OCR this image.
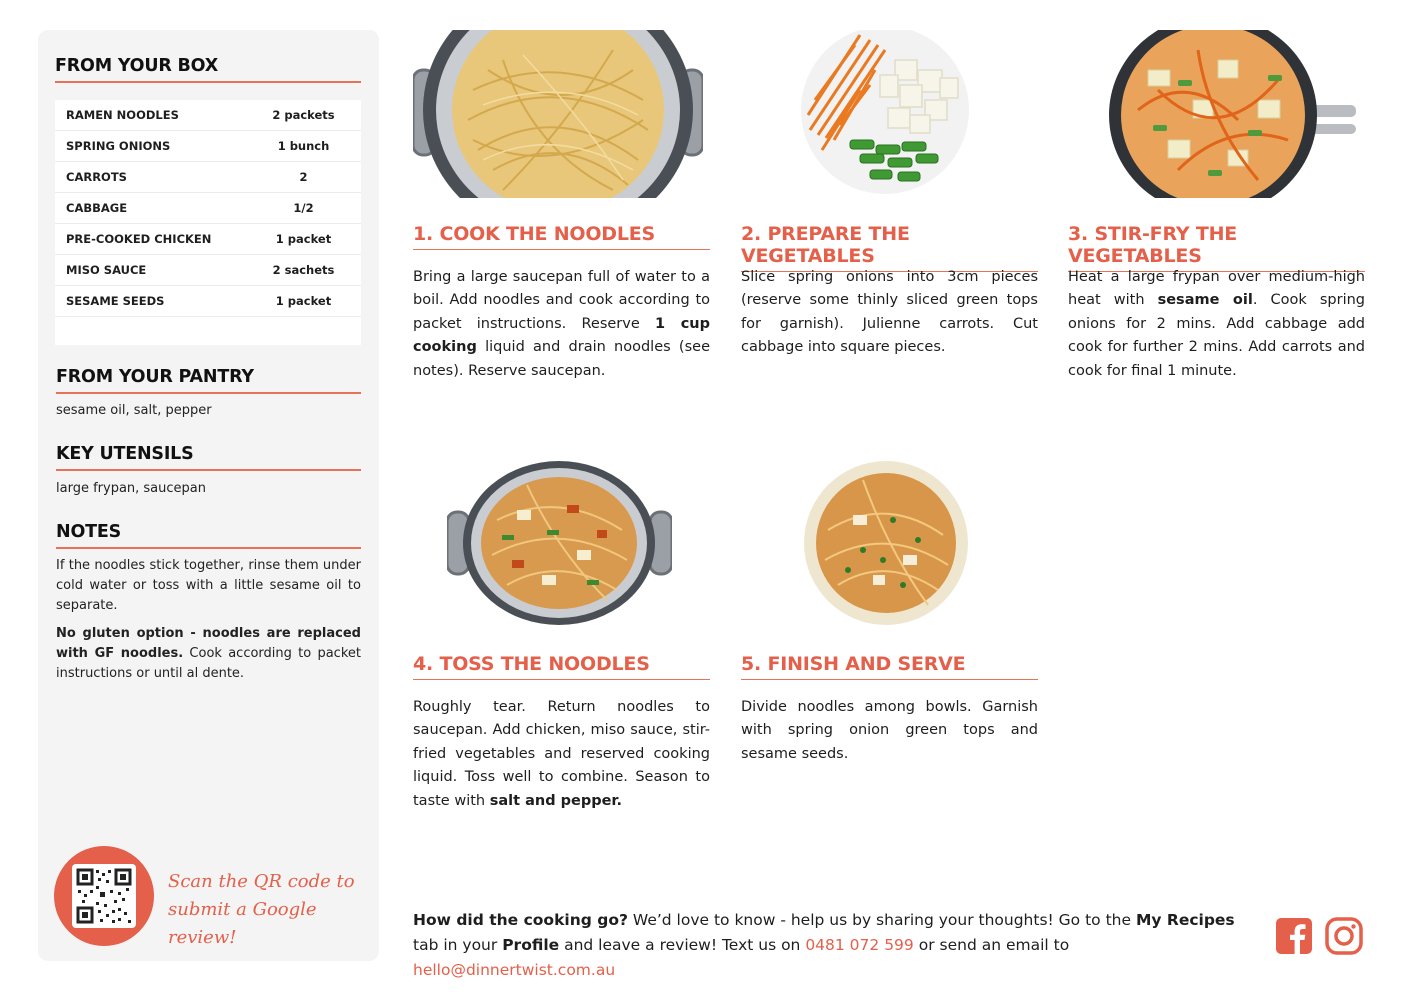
FROM YOUR BOX
RAMEN NOODLES	2 packets
SPRING ONIONS	1 bunch
CARROTS	2
CABBAGE	1/2
PRE-COOKED CHICKEN	1 packet
MISO SAUCE	2 sachets
SESAME SEEDS	1 packet
FROM YOUR PANTRY
sesame oil, salt, pepper
KEY UTENSILS
large frypan, saucepan
NOTES

If the noodles stick together, rinse them under cold water or toss with a little sesame oil to separate.

No gluten option - noodles are replaced with GF noodles. Cook according to packet instructions or until al dente.

Scan the QR code to
submit a Google review!
1. COOK THE NOODLES
Bring a large saucepan full of water to a boil. Add noodles and cook according to packet instructions. Reserve 1 cup cooking liquid and drain noodles (see notes). Reserve saucepan.
2. PREPARE THE VEGETABLES
Slice spring onions into 3cm pieces (reserve some thinly sliced green tops for garnish). Julienne carrots. Cut cabbage into square pieces.
3. STIR-FRY THE VEGETABLES
Heat a large frypan over medium-high heat with sesame oil. Cook spring onions for 2 mins. Add cabbage add cook for further 2 mins. Add carrots and cook for final 1 minute.
4. TOSS THE NOODLES
Roughly tear. Return noodles to saucepan. Add chicken, miso sauce, stir-fried vegetables and reserved cooking liquid. Toss well to combine. Season to taste with salt and pepper.
5. FINISH AND SERVE
Divide noodles among bowls. Garnish with spring onion green tops and sesame seeds.
How did the cooking go? We’d love to know - help us by sharing your thoughts! Go to the My Recipes tab in your Profile and leave a review! Text us on 0481 072 599 or send an email to hello@dinnertwist.com.au
